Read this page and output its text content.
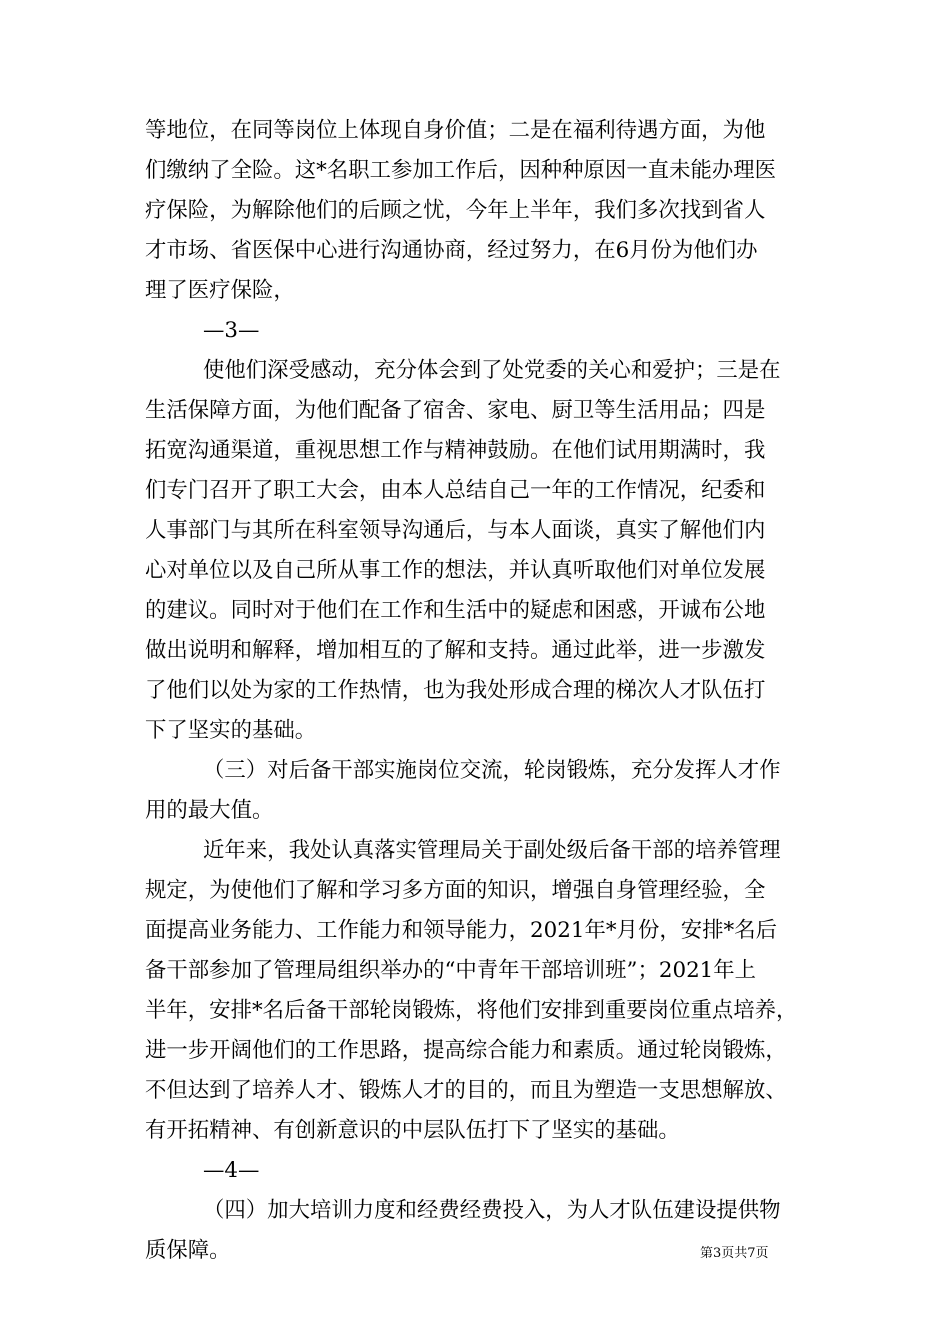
等地位，在同等岗位上体现自身价值；二是在福利待遇方面，为他
们缴纳了全险。这*名职工参加工作后，因种种原因一直未能办理医
疗保险，为解除他们的后顾之忧，今年上半年，我们多次找到省人
才市场、省医保中心进行沟通协商，经过努力，在6月份为他们办
理了医疗保险，
—3—
使他们深受感动，充分体会到了处党委的关心和爱护；三是在
生活保障方面，为他们配备了宿舍、家电、厨卫等生活用品；四是
拓宽沟通渠道，重视思想工作与精神鼓励。在他们试用期满时，我
们专门召开了职工大会，由本人总结自己一年的工作情况，纪委和
人事部门与其所在科室领导沟通后，与本人面谈，真实了解他们内
心对单位以及自己所从事工作的想法，并认真听取他们对单位发展
的建议。同时对于他们在工作和生活中的疑虑和困惑，开诚布公地
做出说明和解释，增加相互的了解和支持。通过此举，进一步激发
了他们以处为家的工作热情，也为我处形成合理的梯次人才队伍打
下了坚实的基础。
（三）对后备干部实施岗位交流，轮岗锻炼，充分发挥人才作
用的最大值。
近年来，我处认真落实管理局关于副处级后备干部的培养管理
规定，为使他们了解和学习多方面的知识，增强自身管理经验，全
面提高业务能力、工作能力和领导能力，2021年*月份，安排*名后
备干部参加了管理局组织举办的“中青年干部培训班”；2021年上
半年，安排*名后备干部轮岗锻炼，将他们安排到重要岗位重点培养，
进一步开阔他们的工作思路，提高综合能力和素质。通过轮岗锻炼，
不但达到了培养人才、锻炼人才的目的，而且为塑造一支思想解放、
有开拓精神、有创新意识的中层队伍打下了坚实的基础。
—4—
（四）加大培训力度和经费经费投入，为人才队伍建设提供物
质保障。	第3页共7页
